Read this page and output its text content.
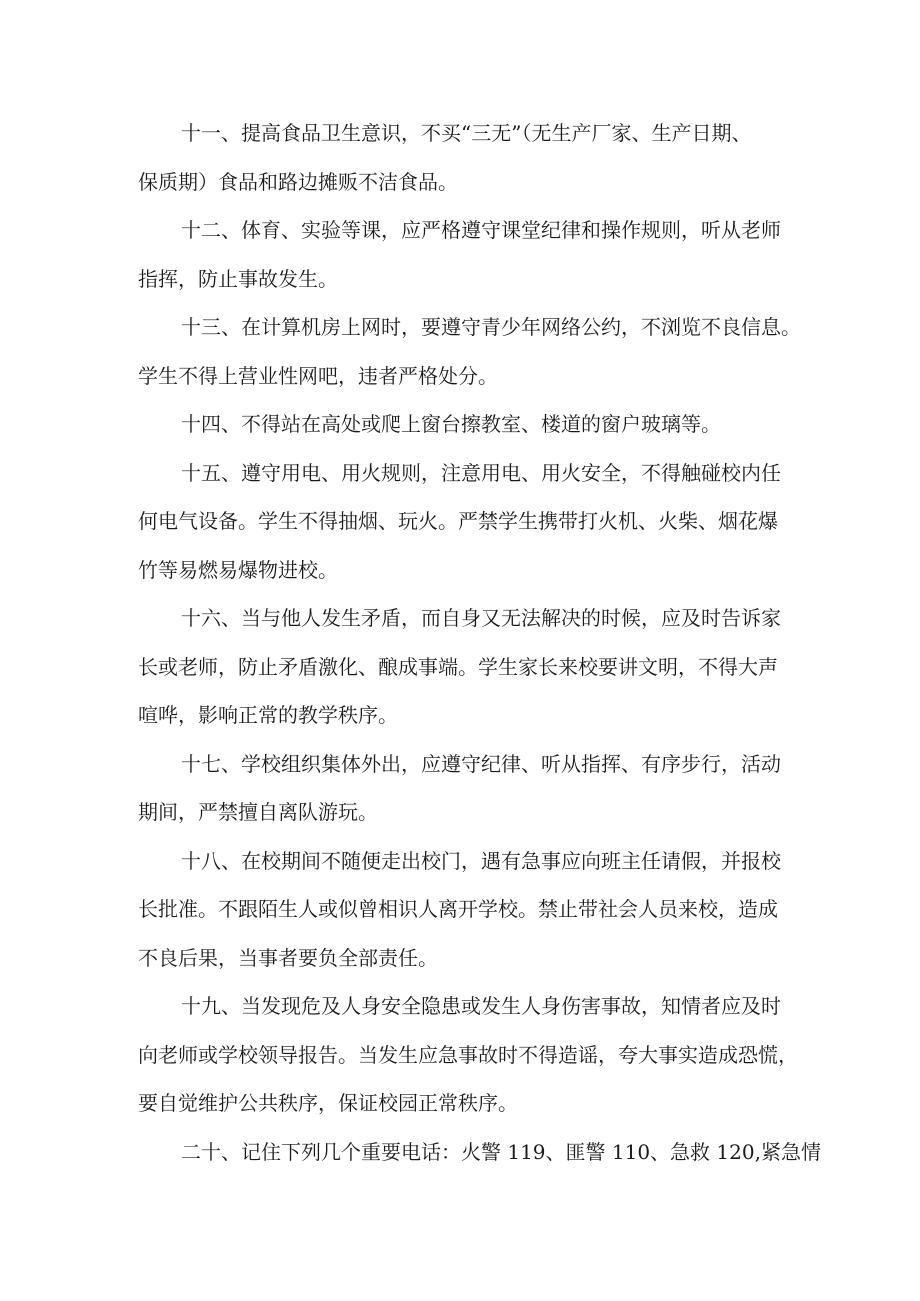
十一、提高食品卫生意识，不买“三无”（无生产厂家、生产日期、
保质期）食品和路边摊贩不洁食品。
十二、体育、实验等课，应严格遵守课堂纪律和操作规则，听从老师
指挥，防止事故发生。
十三、在计算机房上网时，要遵守青少年网络公约，不浏览不良信息。
学生不得上营业性网吧，违者严格处分。
十四、不得站在高处或爬上窗台擦教室、楼道的窗户玻璃等。
十五、遵守用电、用火规则，注意用电、用火安全，不得触碰校内任
何电气设备。学生不得抽烟、玩火。严禁学生携带打火机、火柴、烟花爆
竹等易燃易爆物进校。
十六、当与他人发生矛盾，而自身又无法解决的时候，应及时告诉家
长或老师，防止矛盾激化、酿成事端。学生家长来校要讲文明，不得大声
喧哗，影响正常的教学秩序。
十七、学校组织集体外出，应遵守纪律、听从指挥、有序步行，活动
期间，严禁擅自离队游玩。
十八、在校期间不随便走出校门，遇有急事应向班主任请假，并报校
长批准。不跟陌生人或似曾相识人离开学校。禁止带社会人员来校，造成
不良后果，当事者要负全部责任。
十九、当发现危及人身安全隐患或发生人身伤害事故，知情者应及时
向老师或学校领导报告。当发生应急事故时不得造谣，夸大事实造成恐慌，
要自觉维护公共秩序，保证校园正常秩序。
二十、记住下列几个重要电话：火警 119、匪警 110、急救 120,紧急情
